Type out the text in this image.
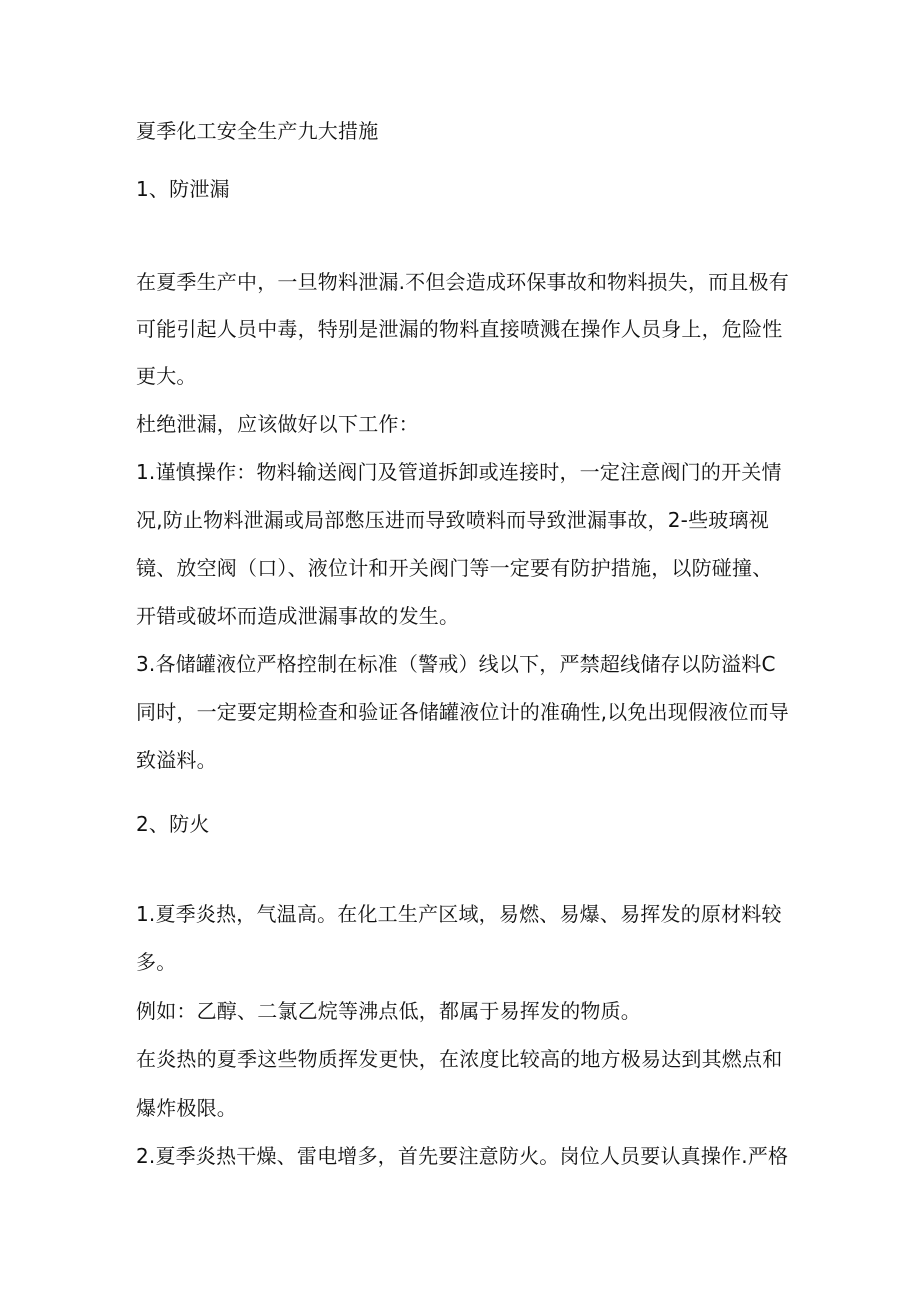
夏季化工安全生产九大措施
1、防泄漏
在夏季生产中，一旦物料泄漏.不但会造成环保事故和物料损失，而且极有
可能引起人员中毒，特别是泄漏的物料直接喷溅在操作人员身上，危险性
更大。
杜绝泄漏，应该做好以下工作：
1.谨慎操作：物料输送阀门及管道拆卸或连接时，一定注意阀门的开关情
况,防止物料泄漏或局部憋压进而导致喷料而导致泄漏事故，2-些玻璃视
镜、放空阀（口）、液位计和开关阀门等一定要有防护措施，以防碰撞、
开错或破坏而造成泄漏事故的发生。
3.各储罐液位严格控制在标准（警戒）线以下，严禁超线储存以防溢料C
同时，一定要定期检查和验证各储罐液位计的准确性,以免出现假液位而导
致溢料。
2、防火
1.夏季炎热，气温高。在化工生产区域，易燃、易爆、易挥发的原材料较
多。
例如：乙醇、二氯乙烷等沸点低，都属于易挥发的物质。
在炎热的夏季这些物质挥发更快，在浓度比较高的地方极易达到其燃点和
爆炸极限。
2.夏季炎热干燥、雷电增多，首先要注意防火。岗位人员要认真操作.严格
